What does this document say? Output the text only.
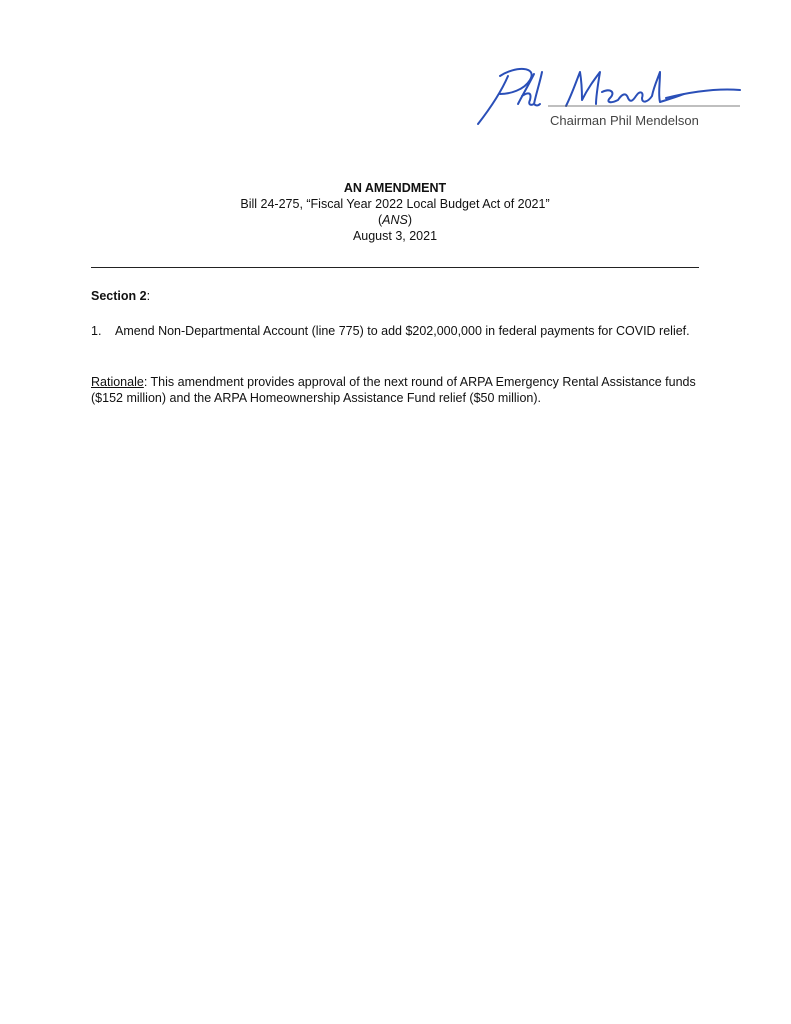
Chairman Phil Mendelson
AN AMENDMENT
Bill 24-275, “Fiscal Year 2022 Local Budget Act of 2021”
(ANS)
August 3, 2021
Section 2:
1. Amend Non-Departmental Account (line 775) to add $202,000,000 in federal payments for COVID relief.
Rationale: This amendment provides approval of the next round of ARPA Emergency Rental Assistance funds ($152 million) and the ARPA Homeownership Assistance Fund relief ($50 million).
